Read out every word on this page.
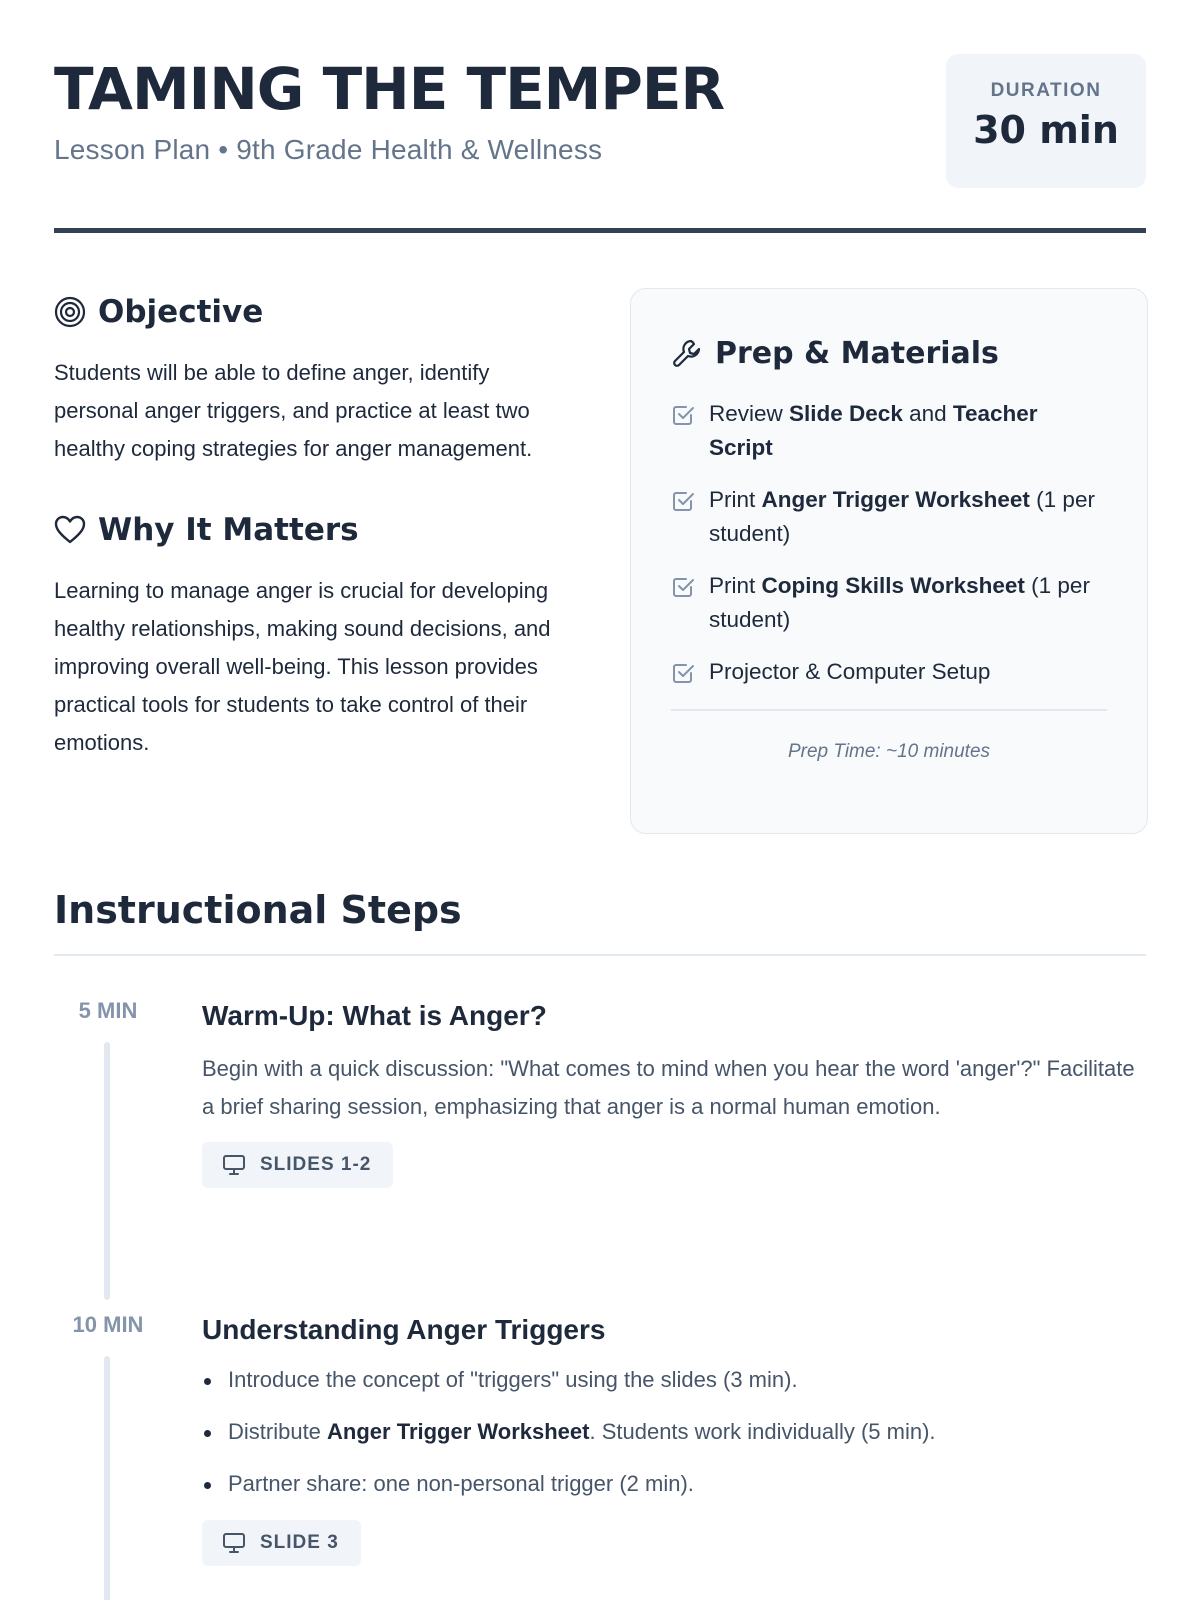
TAMING THE TEMPER
Lesson Plan • 9th Grade Health & Wellness
DURATION
30 min
Objective

Students will be able to define anger, identify personal anger triggers, and practice at least two healthy coping strategies for anger management.

Why It Matters

Learning to manage anger is crucial for developing healthy relationships, making sound decisions, and improving overall well-being. This lesson provides practical tools for students to take control of their emotions.

Prep & Materials
Review Slide Deck and Teacher Script
Print Anger Trigger Worksheet (1 per student)
Print Coping Skills Worksheet (1 per student)
Projector & Computer Setup
Prep Time: ~10 minutes
Instructional Steps
5 MIN	Warm-Up: What is Anger?

Begin with a quick discussion: "What comes to mind when you hear the word 'anger'?" Facilitate a brief sharing session, emphasizing that anger is a normal human emotion.

SLIDES 1-2
10 MIN	Understanding Anger Triggers
Introduce the concept of "triggers" using the slides (3 min).
Distribute Anger Trigger Worksheet. Students work individually (5 min).
Partner share: one non-personal trigger (2 min).
SLIDE 3
